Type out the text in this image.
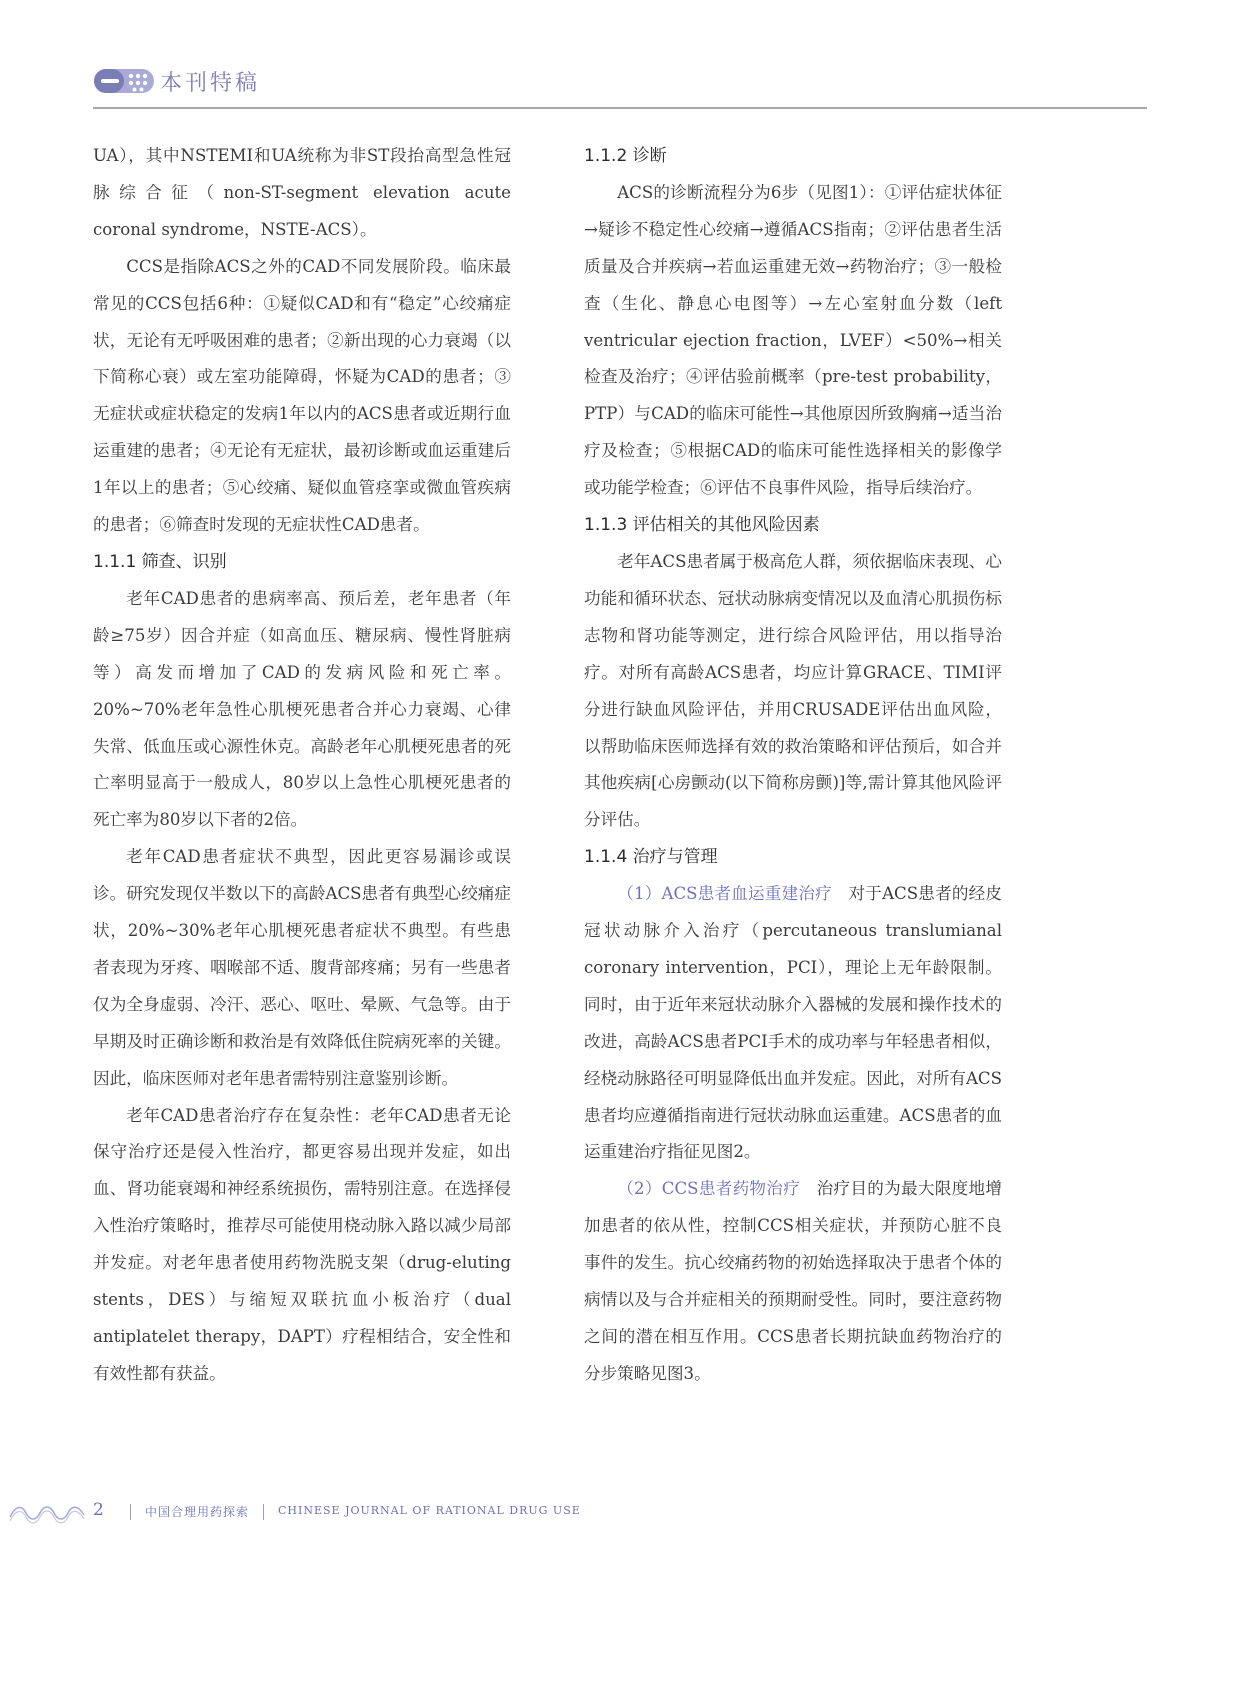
本刊特稿

UA），其中NSTEMI和UA统称为非ST段抬高型急性冠脉综合征（non-ST-segment elevation acute coronal syndrome，NSTE-ACS）。

CCS是指除ACS之外的CAD不同发展阶段。临床最常见的CCS包括6种：①疑似CAD和有“稳定”心绞痛症状，无论有无呼吸困难的患者；②新出现的心力衰竭（以下简称心衰）或左室功能障碍，怀疑为CAD的患者；③无症状或症状稳定的发病1年以内的ACS患者或近期行血运重建的患者；④无论有无症状，最初诊断或血运重建后1年以上的患者；⑤心绞痛、疑似血管痉挛或微血管疾病的患者；⑥筛查时发现的无症状性CAD患者。

1.1.1 筛查、识别

老年CAD患者的患病率高、预后差，老年患者（年龄≥75岁）因合并症（如高血压、糖尿病、慢性肾脏病等）高发而增加了CAD的发病风险和死亡率。20%~70%老年急性心肌梗死患者合并心力衰竭、心律失常、低血压或心源性休克。高龄老年心肌梗死患者的死亡率明显高于一般成人，80岁以上急性心肌梗死患者的死亡率为80岁以下者的2倍。

老年CAD患者症状不典型，因此更容易漏诊或误诊。研究发现仅半数以下的高龄ACS患者有典型心绞痛症状，20%~30%老年心肌梗死患者症状不典型。有些患者表现为牙疼、咽喉部不适、腹背部疼痛；另有一些患者仅为全身虚弱、冷汗、恶心、呕吐、晕厥、气急等。由于早期及时正确诊断和救治是有效降低住院病死率的关键。因此，临床医师对老年患者需特别注意鉴别诊断。

老年CAD患者治疗存在复杂性：老年CAD患者无论保守治疗还是侵入性治疗，都更容易出现并发症，如出血、肾功能衰竭和神经系统损伤，需特别注意。在选择侵入性治疗策略时，推荐尽可能使用桡动脉入路以减少局部并发症。对老年患者使用药物洗脱支架（drug-eluting stents，DES）与缩短双联抗血小板治疗（dual antiplatelet therapy，DAPT）疗程相结合，安全性和有效性都有获益。

1.1.2 诊断

ACS的诊断流程分为6步（见图1）：①评估症状体征→疑诊不稳定性心绞痛→遵循ACS指南；②评估患者生活质量及合并疾病→若血运重建无效→药物治疗；③一般检查（生化、静息心电图等）→左心室射血分数（left ventricular ejection fraction，LVEF）<50%→相关检查及治疗；④评估验前概率（pre-test probability，PTP）与CAD的临床可能性→其他原因所致胸痛→适当治疗及检查；⑤根据CAD的临床可能性选择相关的影像学或功能学检查；⑥评估不良事件风险，指导后续治疗。

1.1.3 评估相关的其他风险因素

老年ACS患者属于极高危人群，须依据临床表现、心功能和循环状态、冠状动脉病变情况以及血清心肌损伤标志物和肾功能等测定，进行综合风险评估，用以指导治疗。对所有高龄ACS患者，均应计算GRACE、TIMI评分进行缺血风险评估，并用CRUSADE评估出血风险，以帮助临床医师选择有效的救治策略和评估预后，如合并其他疾病[心房颤动(以下简称房颤)]等,需计算其他风险评分评估。

1.1.4 治疗与管理

（1）ACS患者血运重建治疗 对于ACS患者的经皮冠状动脉介入治疗（percutaneous translumianal coronary intervention，PCI），理论上无年龄限制。同时，由于近年来冠状动脉介入器械的发展和操作技术的改进，高龄ACS患者PCI手术的成功率与年轻患者相似，经桡动脉路径可明显降低出血并发症。因此，对所有ACS患者均应遵循指南进行冠状动脉血运重建。ACS患者的血运重建治疗指征见图2。

（2）CCS患者药物治疗 治疗目的为最大限度地增加患者的依从性，控制CCS相关症状，并预防心脏不良事件的发生。抗心绞痛药物的初始选择取决于患者个体的病情以及与合并症相关的预期耐受性。同时，要注意药物之间的潜在相互作用。CCS患者长期抗缺血药物治疗的分步策略见图3。

2	中国合理用药探索	CHINESE JOURNAL OF RATIONAL DRUG USE
